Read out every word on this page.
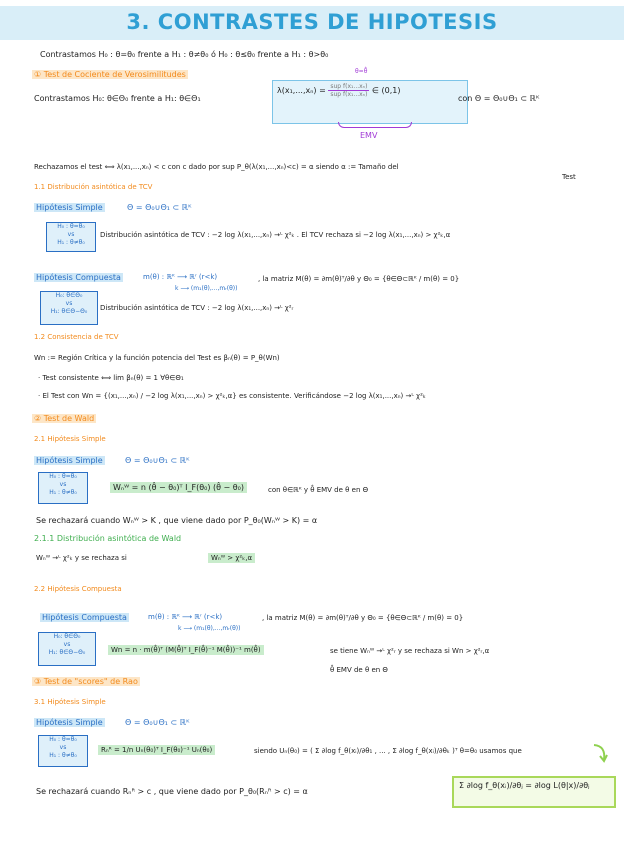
3. CONTRASTES DE HIPOTESIS
Contrastamos H₀ : θ=θ₀ frente a H₁ : θ≠θ₀ ó H₀ : θ≤θ₀ frente a H₁ : θ>θ₀
① Test de Cociente de Verosimilitudes
Contrastamos H₀: θ∈Θ₀ frente a H₁: θ∈Θ₁
θ=θ̂
$\lambda(x_1,...,x_n) = \frac{\text{sup f(x₁...xₙ)}}{\text{sup f(x₁...xₙ)}}$ ∈ (0,1)
EMV
con Θ = Θ₀∪Θ₁ ⊂ ℝᴷ
Rechazamos el test ⟺ λ(x₁,...,xₙ) < c con c dado por sup P_θ(λ(x₁,...,xₙ)<c) = α siendo α := Tamaño del
Test
1.1 Distribución asintótica de TCV
Hipótesis Simple	Θ = Θ₀∪Θ₁ ⊂ ℝᴷ
H₀ : θ=θ₀
vs
H₁ : θ≠θ₀
Distribución asintótica de TCV : −2 log λ(x₁,...,xₙ) →ᴸ χ²ₖ . El TCV rechaza si −2 log λ(x₁,...,xₙ) > χ²ₖ,α
Hipótesis Compuesta	m(θ) : ℝᴷ ⟶ ℝʳ (r<k)
k ⟶ (m₁(θ),...,mᵣ(θ))
, la matriz M(θ) = ∂m(θ)ᵀ/∂θ y Θ₀ = {θ∈Θ⊂ℝᴷ / m(θ) = 0}
H₀: θ∈Θ₀
vs
H₁: θ∈Θ−Θ₀	Distribución asintótica de TCV : −2 log λ(x₁,...,xₙ) →ᴸ χ²ᵣ
1.2 Consistencia de TCV
Wn := Región Crítica y la función potencia del Test es βₙ(θ) = P_θ(Wn)
· Test consistente ⟺ lim βₙ(θ) = 1 ∀θ∈Θ₁
· El Test con Wn = {(x₁,...,xₙ) / −2 log λ(x₁,...,xₙ) > χ²ₖ,α} es consistente. Verificándose −2 log λ(x₁,...,xₙ) →ᴸ χ²ₖ
② Test de Wald
2.1 Hipótesis Simple
Hipótesis Simple	Θ = Θ₀∪Θ₁ ⊂ ℝᴷ
H₀ : θ=θ₀
vs
H₁ : θ≠θ₀
Wₙᵂ = n (θ̂ − θ₀)ᵀ I_F(θ₀) (θ̂ − θ₀)	con θ∈ℝᴷ y θ̂ EMV de θ en Θ
Se rechazará cuando Wₙᵂ > K , que viene dado por P_θ₀(Wₙᵂ > K) = α
2.1.1 Distribución asintótica de Wald
Wₙᵂ →ᴸ χ²ₖ y se rechaza si	Wₙᵂ > χ²ₖ,α
2.2 Hipótesis Compuesta
Hipótesis Compuesta	m(θ) : ℝᴷ ⟶ ℝʳ (r<k)
k ⟶ (m₁(θ),...,mᵣ(θ))
, la matriz M(θ) = ∂m(θ)ᵀ/∂θ y Θ₀ = {θ∈Θ⊂ℝᴷ / m(θ) = 0}
H₀: θ∈Θ₀
vs
H₁: θ∈Θ−Θ₀	Wn = n · m(θ̂)ᵀ (M(θ̂)ᵀ I_F(θ̂)⁻¹ M(θ̂))⁻¹ m(θ̂)	se tiene Wₙᵂ →ᴸ χ²ᵣ y se rechaza si Wn > χ²ᵣ,α
θ̂ EMV de θ en Θ
③ Test de "scores" de Rao
3.1 Hipótesis Simple
Hipótesis Simple	Θ = Θ₀∪Θ₁ ⊂ ℝᴷ
H₀ : θ=θ₀
vs
H₁ : θ≠θ₀
Rₙᴿ = 1/n Uₙ(θ₀)ᵀ I_F(θ₀)⁻¹ Uₙ(θ₀)	siendo Uₙ(θ₀) = ( Σ ∂log f_θ(xᵢ)/∂θ₁ , ... , Σ ∂log f_θ(xᵢ)/∂θₖ )ᵀ θ=θ₀ usamos que
Se rechazará cuando Rₙᴿ > c , que viene dado por P_θ₀(Rₙᴿ > c) = α
Σ ∂log f_θ(xᵢ)/∂θⱼ = ∂log L(θ|x)/∂θⱼ
